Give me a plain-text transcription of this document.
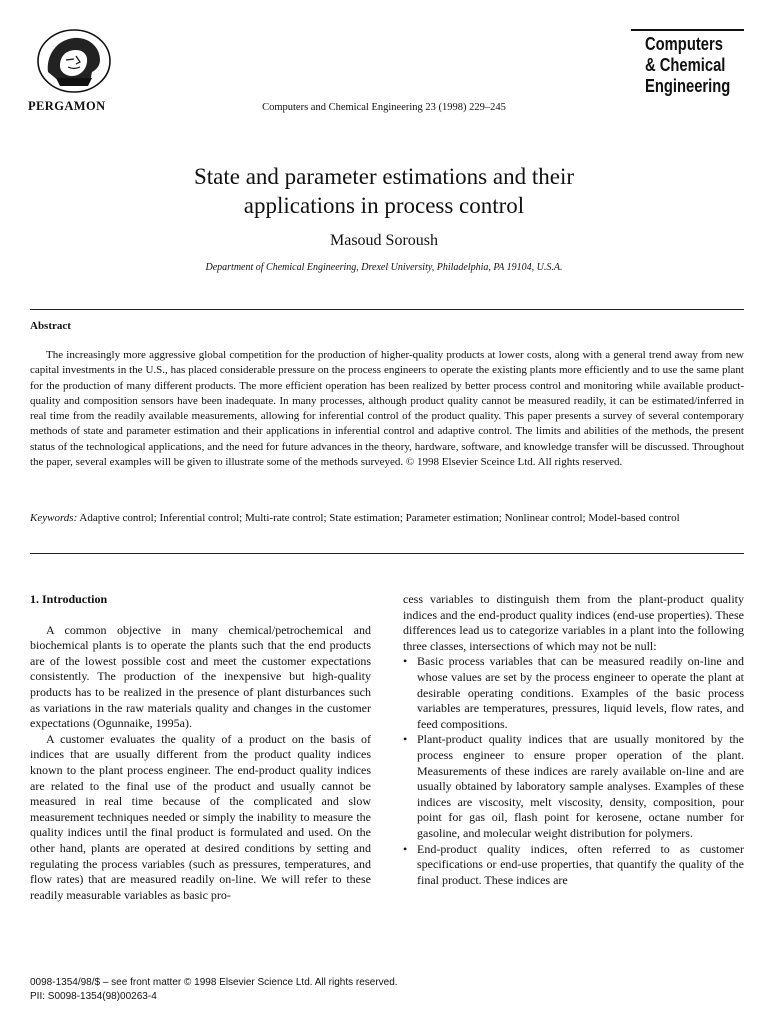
PERGAMON	Computers and Chemical Engineering 23 (1998) 229–245
Computers
& Chemical
Engineering
State and parameter estimations and their
applications in process control
Masoud Soroush
Department of Chemical Engineering, Drexel University, Philadelphia, PA 19104, U.S.A.
Abstract

The increasingly more aggressive global competition for the production of higher-quality products at lower costs, along with a general trend away from new capital investments in the U.S., has placed considerable pressure on the process engineers to operate the existing plants more efficiently and to use the same plant for the production of many different products. The more efficient operation has been realized by better process control and monitoring while available product-quality and composition sensors have been inadequate. In many processes, although product quality cannot be measured readily, it can be estimated/inferred in real time from the readily available measurements, allowing for inferential control of the product quality. This paper presents a survey of several contemporary methods of state and parameter estimation and their applications in inferential control and adaptive control. The limits and abilities of the methods, the present status of the technological applications, and the need for future advances in the theory, hardware, software, and knowledge transfer will be discussed. Throughout the paper, several examples will be given to illustrate some of the methods surveyed. © 1998 Elsevier Sceince Ltd. All rights reserved.

Keywords: Adaptive control; Inferential control; Multi-rate control; State estimation; Parameter estimation; Nonlinear control; Model-based control
1. Introduction

A common objective in many chemical/petrochemical and biochemical plants is to operate the plants such that the end products are of the lowest possible cost and meet the customer expectations consistently. The production of the inexpensive but high-quality products has to be realized in the presence of plant disturbances such as variations in the raw materials quality and changes in the customer expectations (Ogunnaike, 1995a).

A customer evaluates the quality of a product on the basis of indices that are usually different from the product quality indices known to the plant process engineer. The end-product quality indices are related to the final use of the product and usually cannot be measured in real time because of the complicated and slow measurement techniques needed or simply the inability to measure the quality indices until the final product is formulated and used. On the other hand, plants are operated at desired conditions by setting and regulating the process variables (such as pressures, temperatures, and flow rates) that are measured readily on-line. We will refer to these readily measurable variables as basic pro-

cess variables to distinguish them from the plant-product quality indices and the end-product quality indices (end-use properties). These differences lead us to categorize variables in a plant into the following three classes, intersections of which may not be null:

• Basic process variables that can be measured readily on-line and whose values are set by the process engineer to operate the plant at desirable operating conditions. Examples of the basic process variables are temperatures, pressures, liquid levels, flow rates, and feed compositions.
• Plant-product quality indices that are usually monitored by the process engineer to ensure proper operation of the plant. Measurements of these indices are rarely available on-line and are usually obtained by laboratory sample analyses. Examples of these indices are viscosity, melt viscosity, density, composition, pour point for gas oil, flash point for kerosene, octane number for gasoline, and molecular weight distribution for polymers.
• End-product quality indices, often referred to as customer specifications or end-use properties, that quantify the quality of the final product. These indices are
0098-1354/98/$ – see front matter © 1998 Elsevier Science Ltd. All rights reserved.
PII: S0098-1354(98)00263-4
